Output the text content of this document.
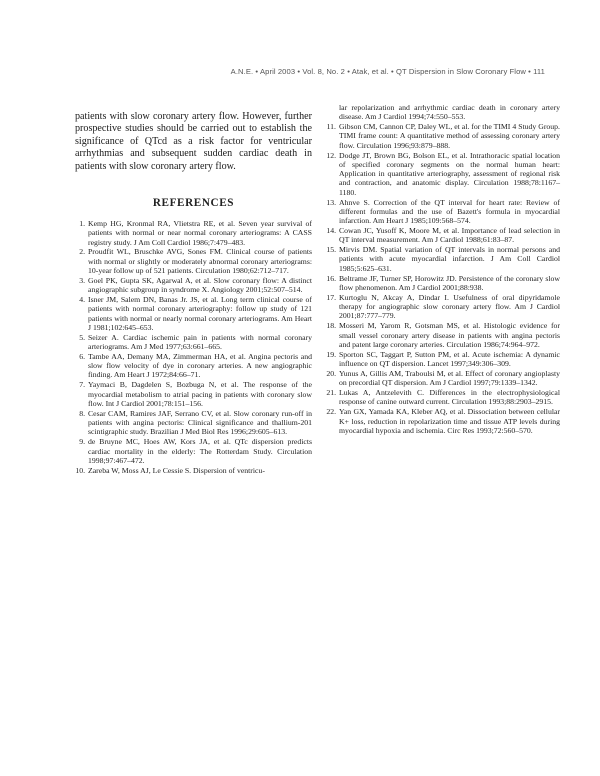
A.N.E. • April 2003 • Vol. 8, No. 2 • Atak, et al. • QT Dispersion in Slow Coronary Flow • 111

patients with slow coronary artery flow. However, further prospective studies should be carried out to establish the significance of QTcd as a risk factor for ventricular arrhythmias and subsequent sudden cardiac death in patients with slow coronary artery flow.

REFERENCES
1. Kemp HG, Kronmal RA, Vlietstra RE, et al. Seven year survival of patients with normal or near normal coronary arteriograms: A CASS registry study. J Am Coll Cardiol 1986;7:479–483.
2. Proudfit WL, Bruschke AVG, Sones FM. Clinical course of patients with normal or slightly or moderately abnormal coronary arteriograms: 10-year follow up of 521 patients. Circulation 1980;62:712–717.
3. Goel PK, Gupta SK, Agarwal A, et al. Slow coronary flow: A distinct angiographic subgroup in syndrome X. Angiology 2001;52:507–514.
4. Isner JM, Salem DN, Banas Jr. JS, et al. Long term clinical course of patients with normal coronary arteriography: follow up study of 121 patients with normal or nearly normal coronary arteriograms. Am Heart J 1981;102:645–653.
5. Seizer A. Cardiac ischemic pain in patients with normal coronary arteriograms. Am J Med 1977;63:661–665.
6. Tambe AA, Demany MA, Zimmerman HA, et al. Angina pectoris and slow flow velocity of dye in coronary arteries. A new angiographic finding. Am Heart J 1972;84:66–71.
7. Yaymaci B, Dagdelen S, Bozbuga N, et al. The response of the myocardial metabolism to atrial pacing in patients with coronary slow flow. Int J Cardiol 2001;78:151–156.
8. Cesar CAM, Ramires JAF, Serrano CV, et al. Slow coronary run-off in patients with angina pectoris: Clinical significance and thallium-201 scintigraphic study. Brazilian J Med Biol Res 1996;29:605–613.
9. de Bruyne MC, Hoes AW, Kors JA, et al. QTc dispersion predicts cardiac mortality in the elderly: The Rotterdam Study. Circulation 1998;97:467–472.
10. Zareba W, Moss AJ, Le Cessie S. Dispersion of ventricu-
lar repolarization and arrhythmic cardiac death in coronary artery disease. Am J Cardiol 1994;74:550–553.
11. Gibson CM, Cannon CP, Daley WL, et al. for the TIMI 4 Study Group. TIMI frame count: A quantitative method of assessing coronary artery flow. Circulation 1996;93:879–888.
12. Dodge JT, Brown BG, Bolson EL, et al. Intrathoracic spatial location of specified coronary segments on the normal human heart: Application in quantitative arteriography, assessment of regional risk and contraction, and anatomic display. Circulation 1988;78:1167–1180.
13. Ahnve S. Correction of the QT interval for heart rate: Review of different formulas and the use of Bazett's formula in myocardial infarction. Am Heart J 1985;109:568–574.
14. Cowan JC, Yusoff K, Moore M, et al. Importance of lead selection in QT interval measurement. Am J Cardiol 1988;61:83–87.
15. Mirvis DM. Spatial variation of QT intervals in normal persons and patients with acute myocardial infarction. J Am Coll Cardiol 1985;5:625–631.
16. Beltrame JF, Turner SP, Horowitz JD. Persistence of the coronary slow flow phenomenon. Am J Cardiol 2001;88:938.
17. Kurtoglu N, Akcay A, Dindar I. Usefulness of oral dipyridamole therapy for angiographic slow coronary artery flow. Am J Cardiol 2001;87:777–779.
18. Mosseri M, Yarom R, Gotsman MS, et al. Histologic evidence for small vessel coronary artery disease in patients with angina pectoris and patent large coronary arteries. Circulation 1986;74:964–972.
19. Sporton SC, Taggart P, Sutton PM, et al. Acute ischemia: A dynamic influence on QT dispersion. Lancet 1997;349:306–309.
20. Yunus A, Gillis AM, Traboulsi M, et al. Effect of coronary angioplasty on precordial QT dispersion. Am J Cardiol 1997;79:1339–1342.
21. Lukas A, Antzelevith C. Differences in the electrophysiological response of canine outward current. Circulation 1993;88:2903–2915.
22. Yan GX, Yamada KA, Kleber AQ, et al. Dissociation between cellular K+ loss, reduction in repolarization time and tissue ATP levels during myocardial hypoxia and ischemia. Circ Res 1993;72:560–570.
